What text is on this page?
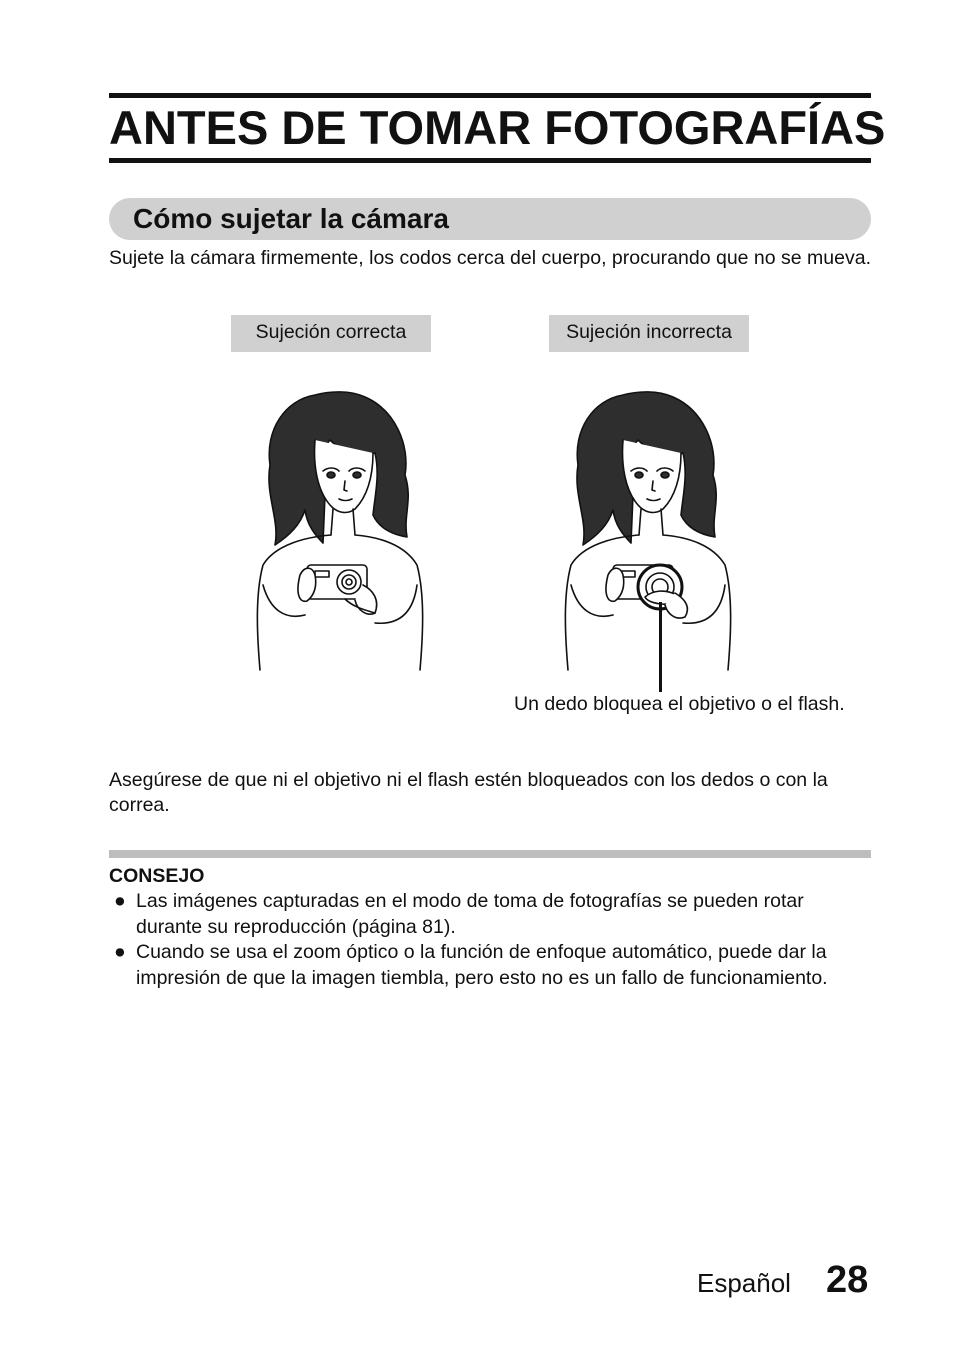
ANTES DE TOMAR FOTOGRAFÍAS
Cómo sujetar la cámara
Sujete la cámara firmemente, los codos cerca del cuerpo, procurando que no se mueva.
Sujeción correcta	Sujeción incorrecta
Un dedo bloquea el objetivo o el flash.
Asegúrese de que ni el objetivo ni el flash estén bloqueados con los dedos o con la correa.
CONSEJO
● Las imágenes capturadas en el modo de toma de fotografías se pueden rotar durante su reproducción (página 81).
● Cuando se usa el zoom óptico o la función de enfoque automático, puede dar la impresión de que la imagen tiembla, pero esto no es un fallo de funcionamiento.
Español 28
